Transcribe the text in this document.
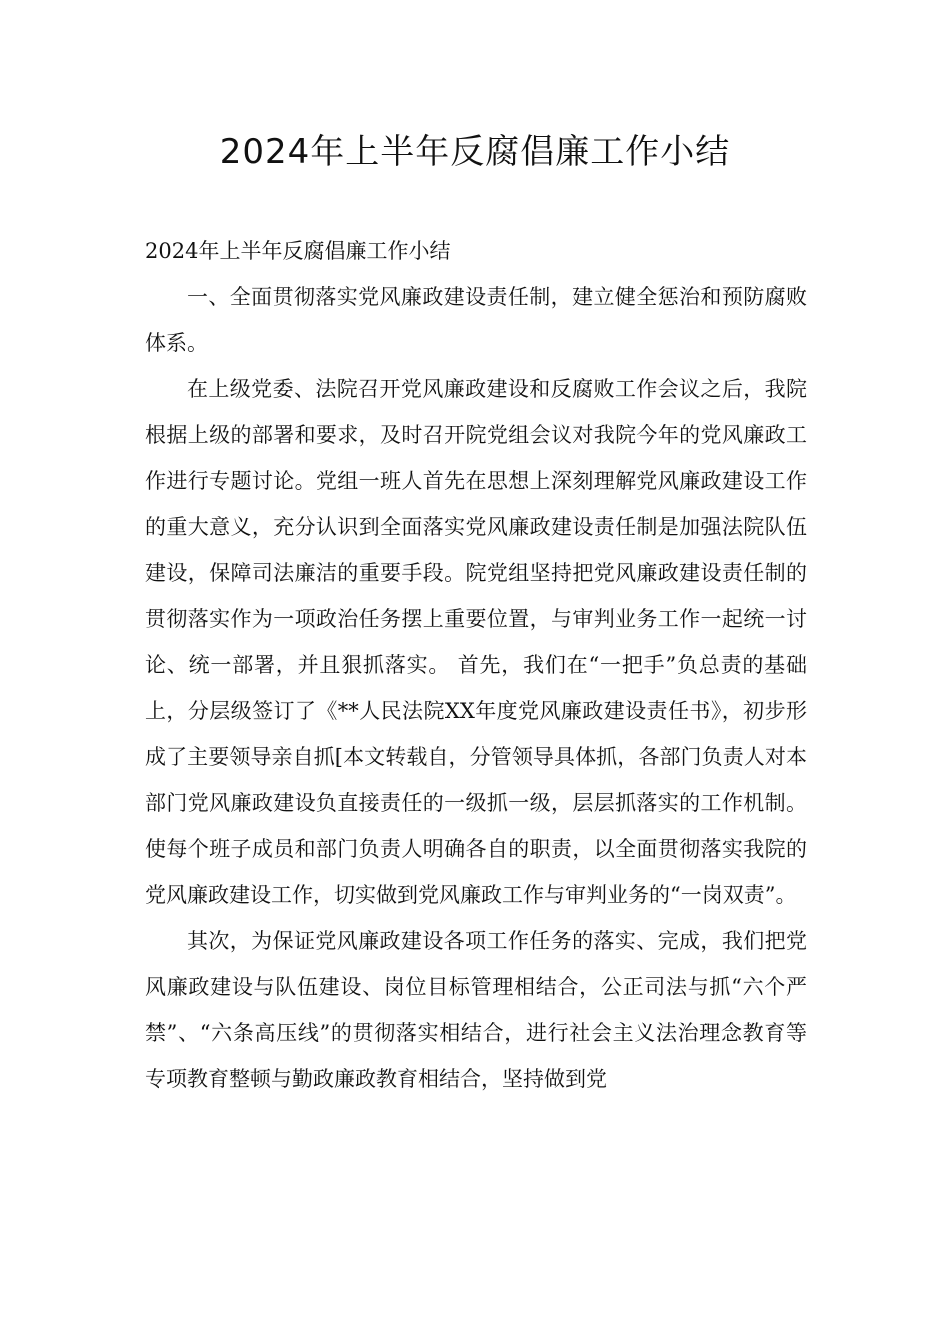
2024年上半年反腐倡廉工作小结

2024年上半年反腐倡廉工作小结

一、全面贯彻落实党风廉政建设责任制，建立健全惩治和预防腐败体系。

在上级党委、法院召开党风廉政建设和反腐败工作会议之后，我院根据上级的部署和要求，及时召开院党组会议对我院今年的党风廉政工作进行专题讨论。党组一班人首先在思想上深刻理解党风廉政建设工作的重大意义，充分认识到全面落实党风廉政建设责任制是加强法院队伍建设，保障司法廉洁的重要手段。院党组坚持把党风廉政建设责任制的贯彻落实作为一项政治任务摆上重要位置，与审判业务工作一起统一讨论、统一部署，并且狠抓落实。 首先，我们在“一把手”负总责的基础上，分层级签订了《**人民法院XX年度党风廉政建设责任书》，初步形成了主要领导亲自抓[本文转载自，分管领导具体抓，各部门负责人对本部门党风廉政建设负直接责任的一级抓一级，层层抓落实的工作机制。使每个班子成员和部门负责人明确各自的职责，以全面贯彻落实我院的党风廉政建设工作，切实做到党风廉政工作与审判业务的“一岗双责”。

其次，为保证党风廉政建设各项工作任务的落实、完成，我们把党风廉政建设与队伍建设、岗位目标管理相结合，公正司法与抓“六个严禁”、“六条高压线”的贯彻落实相结合，进行社会主义法治理念教育等专项教育整顿与勤政廉政教育相结合，坚持做到党
